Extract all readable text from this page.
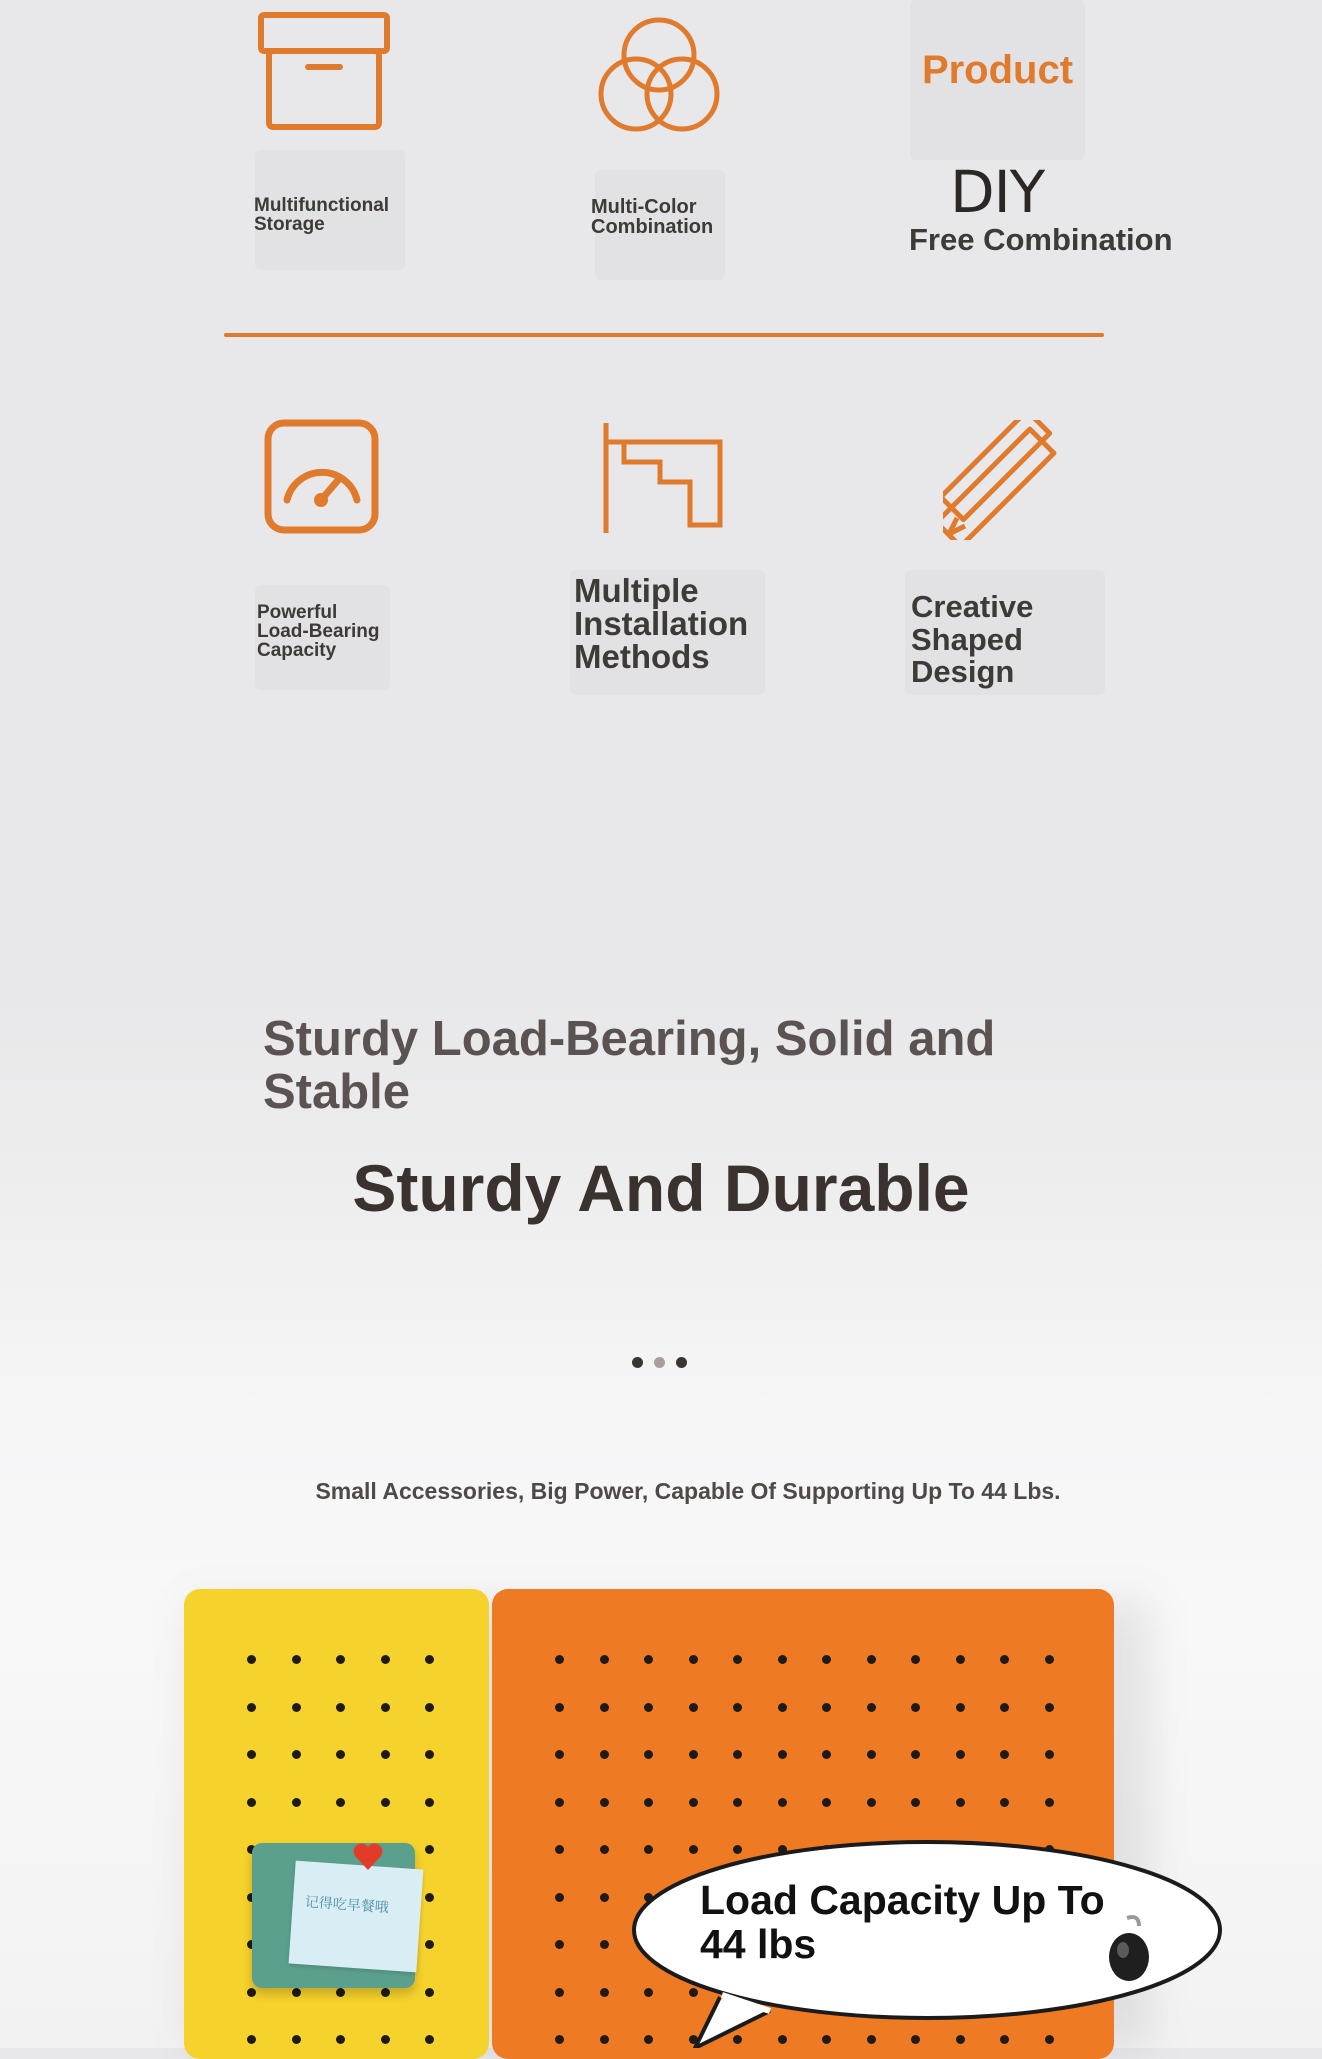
Multifunctional
Storage
Multi-Color
Combination
Product
DIY
Free Combination
Powerful
Load-Bearing
Capacity
Multiple
Installation
Methods
Creative
Shaped
Design
Sturdy Load-Bearing, Solid and Stable
Sturdy And Durable
Small Accessories, Big Power, Capable Of Supporting Up To 44 Lbs.
记得吃早餐哦	Load Capacity Up To
44 lbs
